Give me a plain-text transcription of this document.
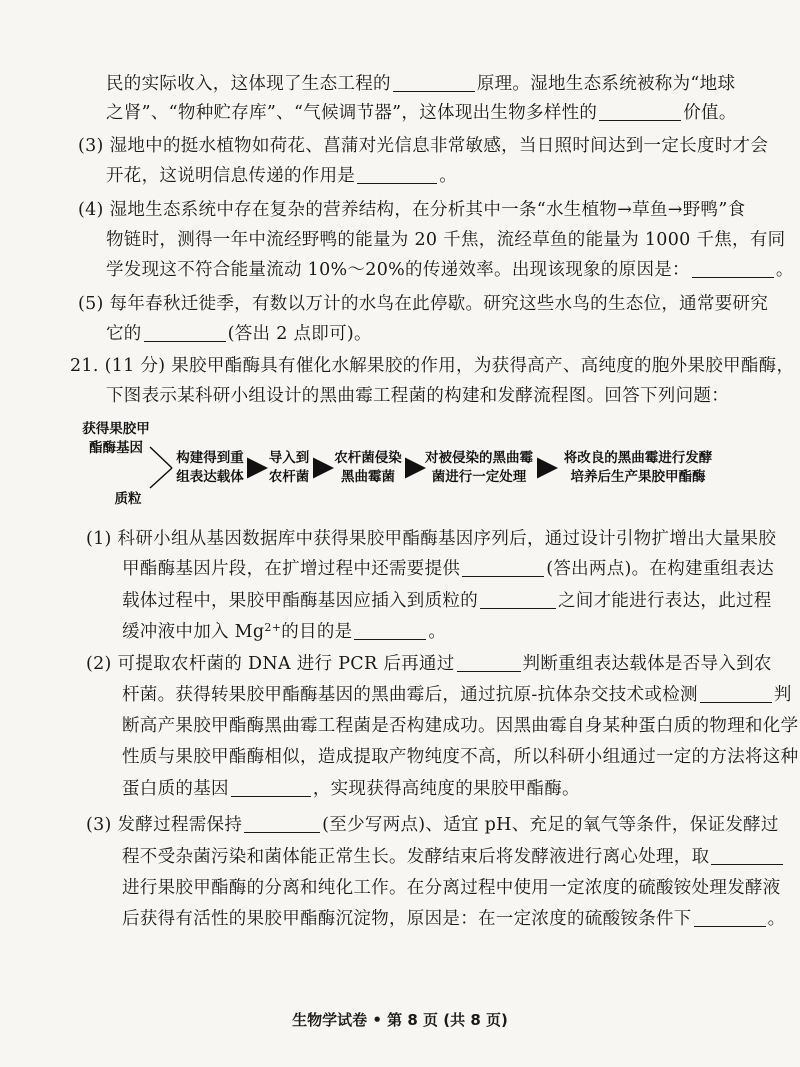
民的实际收入，这体现了生态工程的	原理。湿地生态系统被称为“地球
之肾”、“物种贮存库”、“气候调节器”，这体现出生物多样性的	价值。
(3) 湿地中的挺水植物如荷花、菖蒲对光信息非常敏感，当日照时间达到一定长度时才会
开花，这说明信息传递的作用是	。
(4) 湿地生态系统中存在复杂的营养结构，在分析其中一条“水生植物→草鱼→野鸭”食
物链时，测得一年中流经野鸭的能量为 20 千焦，流经草鱼的能量为 1000 千焦，有同
学发现这不符合能量流动 10%～20%的传递效率。出现该现象的原因是：	。
(5) 每年春秋迁徙季，有数以万计的水鸟在此停歇。研究这些水鸟的生态位，通常要研究
它的	(答出 2 点即可)。
21. (11 分) 果胶甲酯酶具有催化水解果胶的作用，为获得高产、高纯度的胞外果胶甲酯酶，
下图表示某科研小组设计的黑曲霉工程菌的构建和发酵流程图。回答下列问题：
获得果胶甲
酯酶基因
质粒
构建得到重
组表达载体
导入到
农杆菌
农杆菌侵染
黑曲霉菌
对被侵染的黑曲霉
菌进行一定处理
将改良的黑曲霉进行发酵
培养后生产果胶甲酯酶
(1) 科研小组从基因数据库中获得果胶甲酯酶基因序列后，通过设计引物扩增出大量果胶
甲酯酶基因片段，在扩增过程中还需要提供	(答出两点)。在构建重组表达
载体过程中，果胶甲酯酶基因应插入到质粒的	之间才能进行表达，此过程
缓冲液中加入 $Mg^{2+}$的目的是	。
(2) 可提取农杆菌的 DNA 进行 PCR 后再通过	判断重组表达载体是否导入到农
杆菌。获得转果胶甲酯酶基因的黑曲霉后，通过抗原-抗体杂交技术或检测	判
断高产果胶甲酯酶黑曲霉工程菌是否构建成功。因黑曲霉自身某种蛋白质的物理和化学
性质与果胶甲酯酶相似，造成提取产物纯度不高，所以科研小组通过一定的方法将这种
蛋白质的基因	，实现获得高纯度的果胶甲酯酶。
(3) 发酵过程需保持	(至少写两点)、适宜 pH、充足的氧气等条件，保证发酵过
程不受杂菌污染和菌体能正常生长。发酵结束后将发酵液进行离心处理，取
进行果胶甲酯酶的分离和纯化工作。在分离过程中使用一定浓度的硫酸铵处理发酵液
后获得有活性的果胶甲酯酶沉淀物，原因是：在一定浓度的硫酸铵条件下	。
生物学试卷 • 第 8 页 (共 8 页)
